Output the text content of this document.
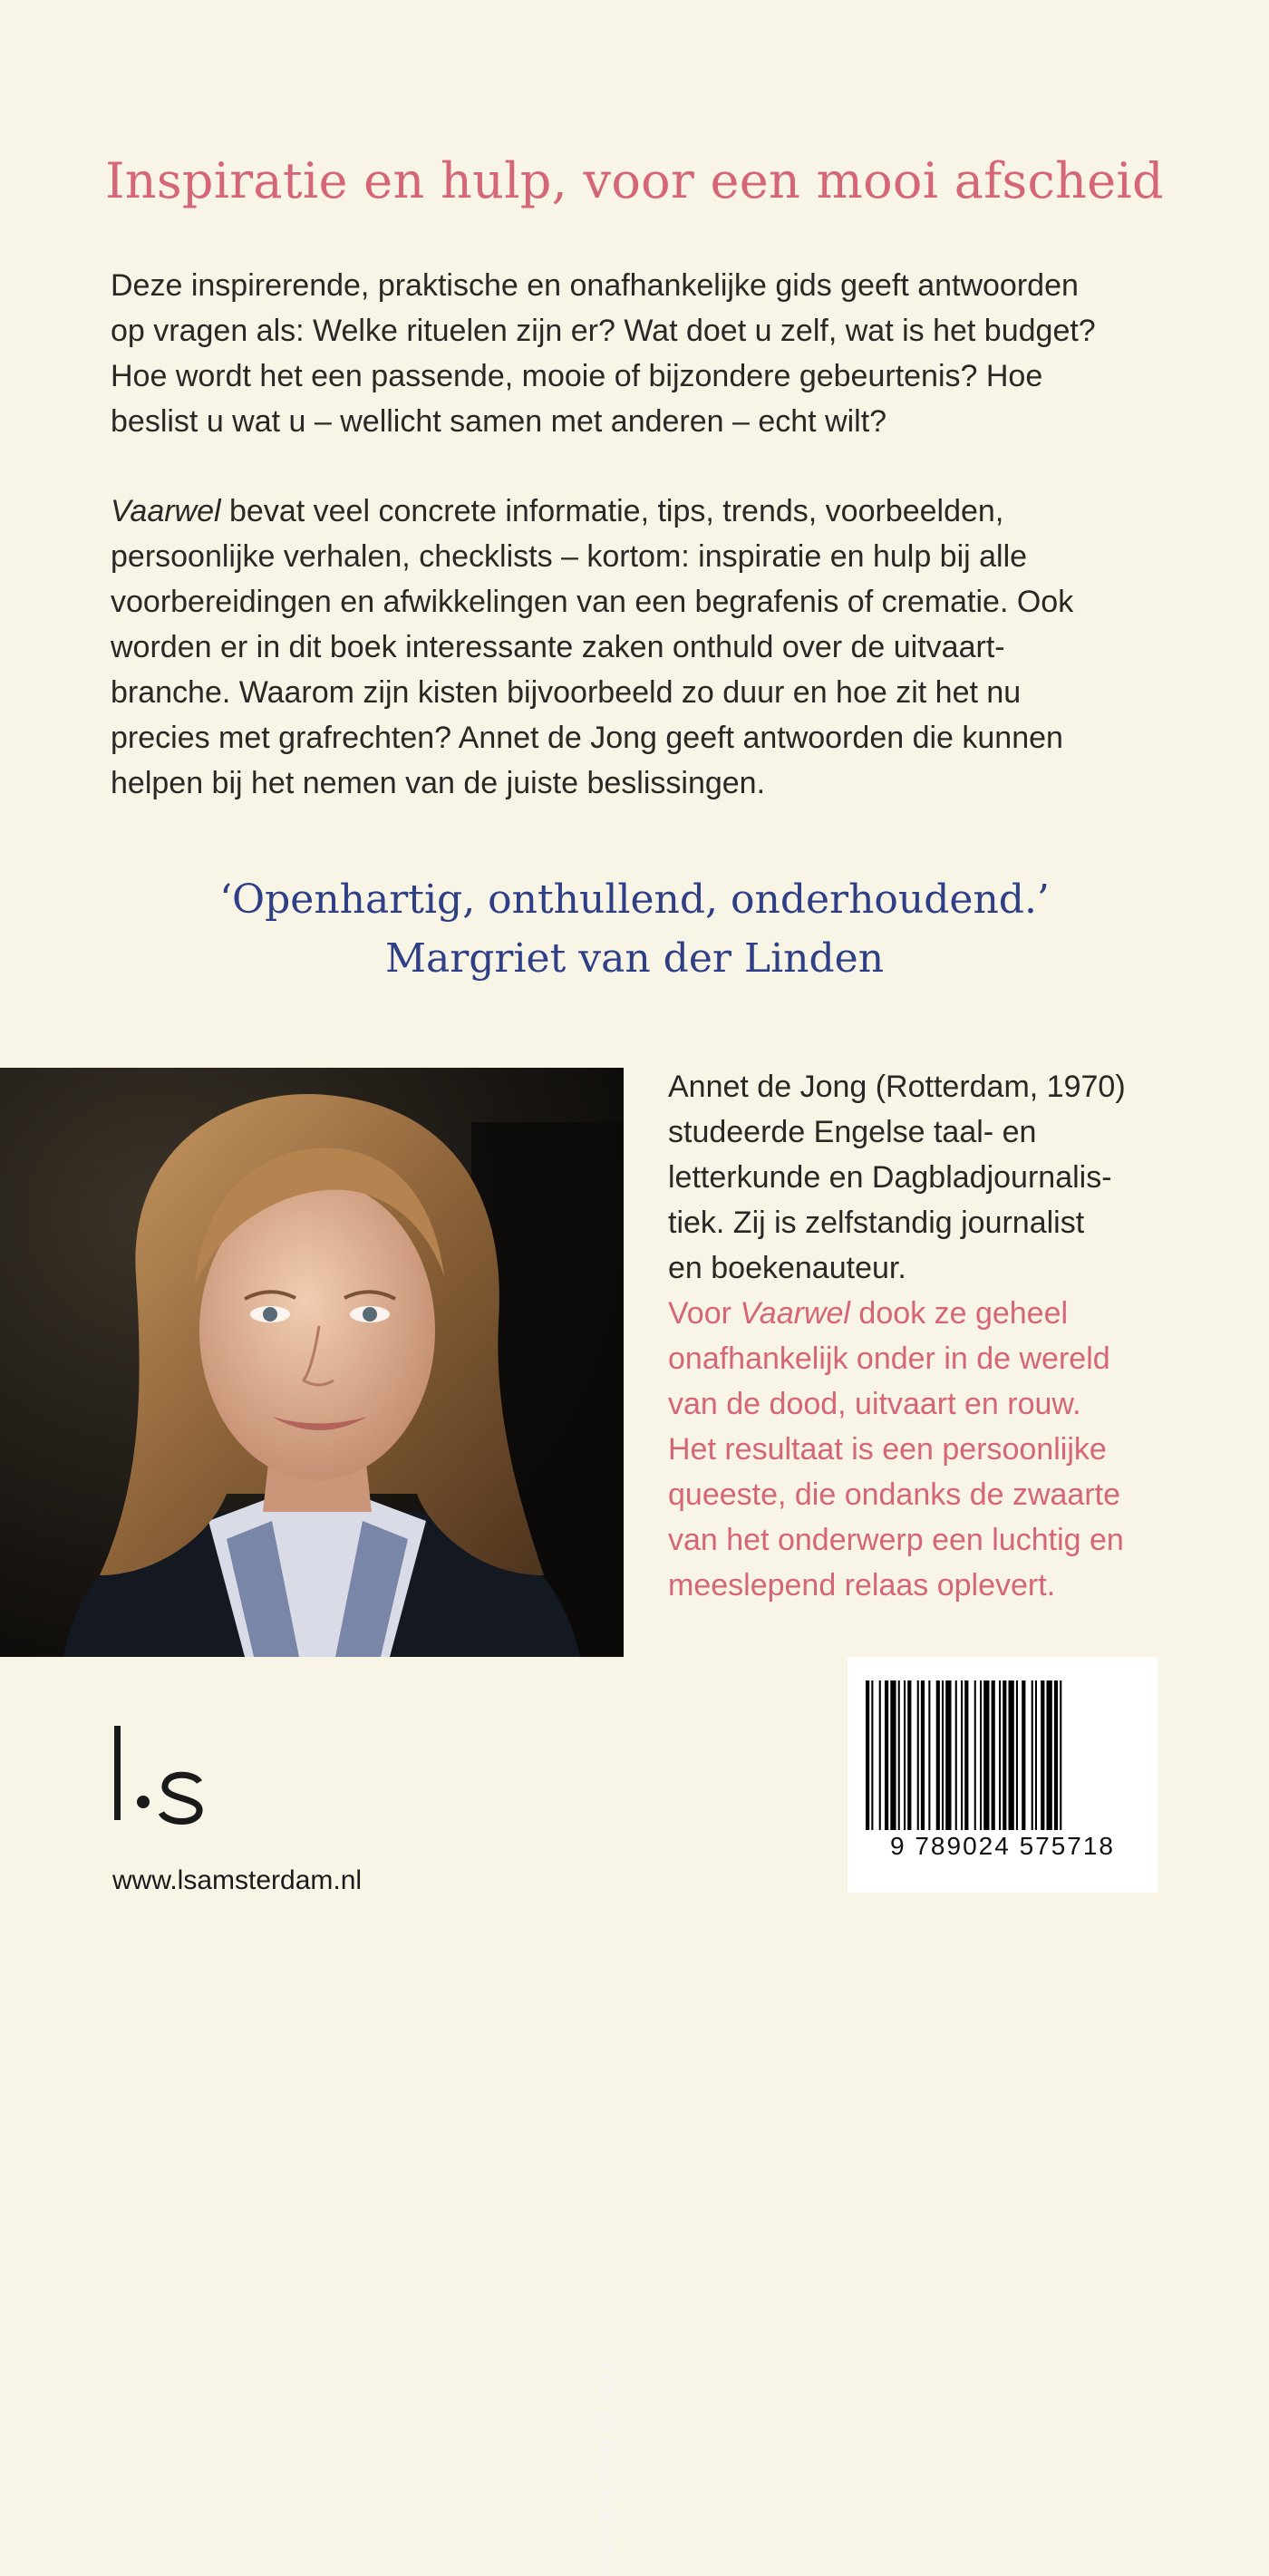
Inspiratie en hulp, voor een mooi afscheid
Deze inspirerende, praktische en onafhankelijke gids geeft antwoorden
op vragen als: Welke rituelen zijn er? Wat doet u zelf, wat is het budget?
Hoe wordt het een passende, mooie of bijzondere gebeurtenis? Hoe
beslist u wat u – wellicht samen met anderen – echt wilt?
Vaarwel bevat veel concrete informatie, tips, trends, voorbeelden,
persoonlijke verhalen, checklists – kortom: inspiratie en hulp bij alle
voorbereidingen en afwikkelingen van een begrafenis of crematie. Ook
worden er in dit boek interessante zaken onthuld over de uitvaart-
branche. Waarom zijn kisten bijvoorbeeld zo duur en hoe zit het nu
precies met grafrechten? Annet de Jong geeft antwoorden die kunnen
helpen bij het nemen van de juiste beslissingen.
‘Openhartig, onthullend, onderhoudend.’
Margriet van der Linden
Foto @ Anja Robertus
Annet de Jong (Rotterdam, 1970)
studeerde Engelse taal- en
letterkunde en Dagbladjournalis-
tiek. Zij is zelfstandig journalist
en boekenauteur.
Voor Vaarwel dook ze geheel
onafhankelijk onder in de wereld
van de dood, uitvaart en rouw.
Het resultaat is een persoonlijke
queeste, die ondanks de zwaarte
van het onderwerp een luchtig en
meeslepend relaas oplevert.
9 789024 575718
www.lsamsterdam.nl
